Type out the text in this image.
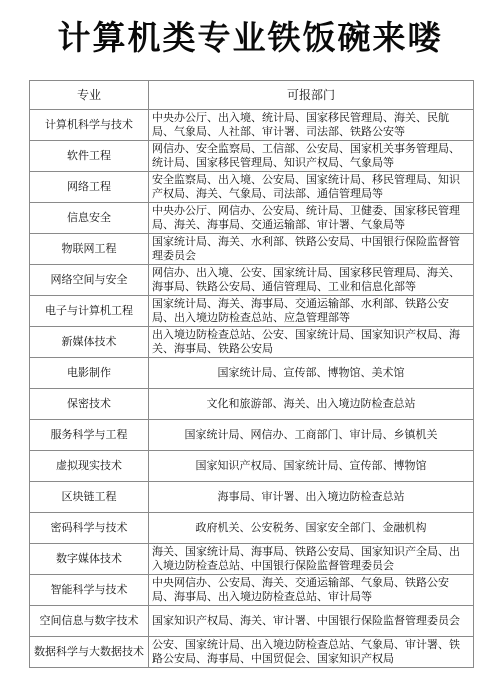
计算机类专业铁饭碗来喽
专业	可报部门
计算机科学与技术	中央办公厅、出入境、统计局、国家移民管理局、海关、民航局、气象局、人社部、审计署、司法部、铁路公安等
软件工程	网信办、安全监察局、工信部、公安局、国家机关事务管理局、统计局、国家移民管理局、知识产权局、气象局等
网络工程	安全监察局、出入境、公安局、国家统计局、移民管理局、知识产权局、海关、气象局、司法部、通信管理局等
信息安全	中央办公厅、网信办、公安局、统计局、卫健委、国家移民管理局、海关、海事局、交通运输部、审计署、气象局等
物联网工程	国家统计局、海关、水利部、铁路公安局、中国银行保险监督管理委员会
网络空间与安全	网信办、出入境、公安、国家统计局、国家移民管理局、海关、海事局、铁路公安局、通信管理局、工业和信息化部等
电子与计算机工程	国家统计局、海关、海事局、交通运输部、水利部、铁路公安局、出入境边防检查总站、应急管理部等
新媒体技术	出入境边防检查总站、公安、国家统计局、国家知识产权局、海关、海事局、铁路公安局
电影制作	国家统计局、宣传部、博物馆、美术馆
保密技术	文化和旅游部、海关、出入境边防检查总站
服务科学与工程	国家统计局、网信办、工商部门、审计局、乡镇机关
虚拟现实技术	国家知识产权局、国家统计局、宣传部、博物馆
区块链工程	海事局、审计署、出入境边防检查总站
密码科学与技术	政府机关、公安税务、国家安全部门、金融机构
数字媒体技术	海关、国家统计局、海事局、铁路公安局、国家知识产全局、出入境边防检查总站、中国银行保险监督管理委员会
智能科学与技术	中央网信办、公安局、海关、交通运输部、气象局、铁路公安局、海事局、出入境边防检查总站、审计局等
空间信息与数字技术	国家知识产权局、海关、审计署、中国银行保险监督管理委员会
数据科学与大数据技术	公安、国家统计局、出入境边防检查总站、气象局、审计署、铁路公安局、海事局、中国贸促会、国家知识产权局
